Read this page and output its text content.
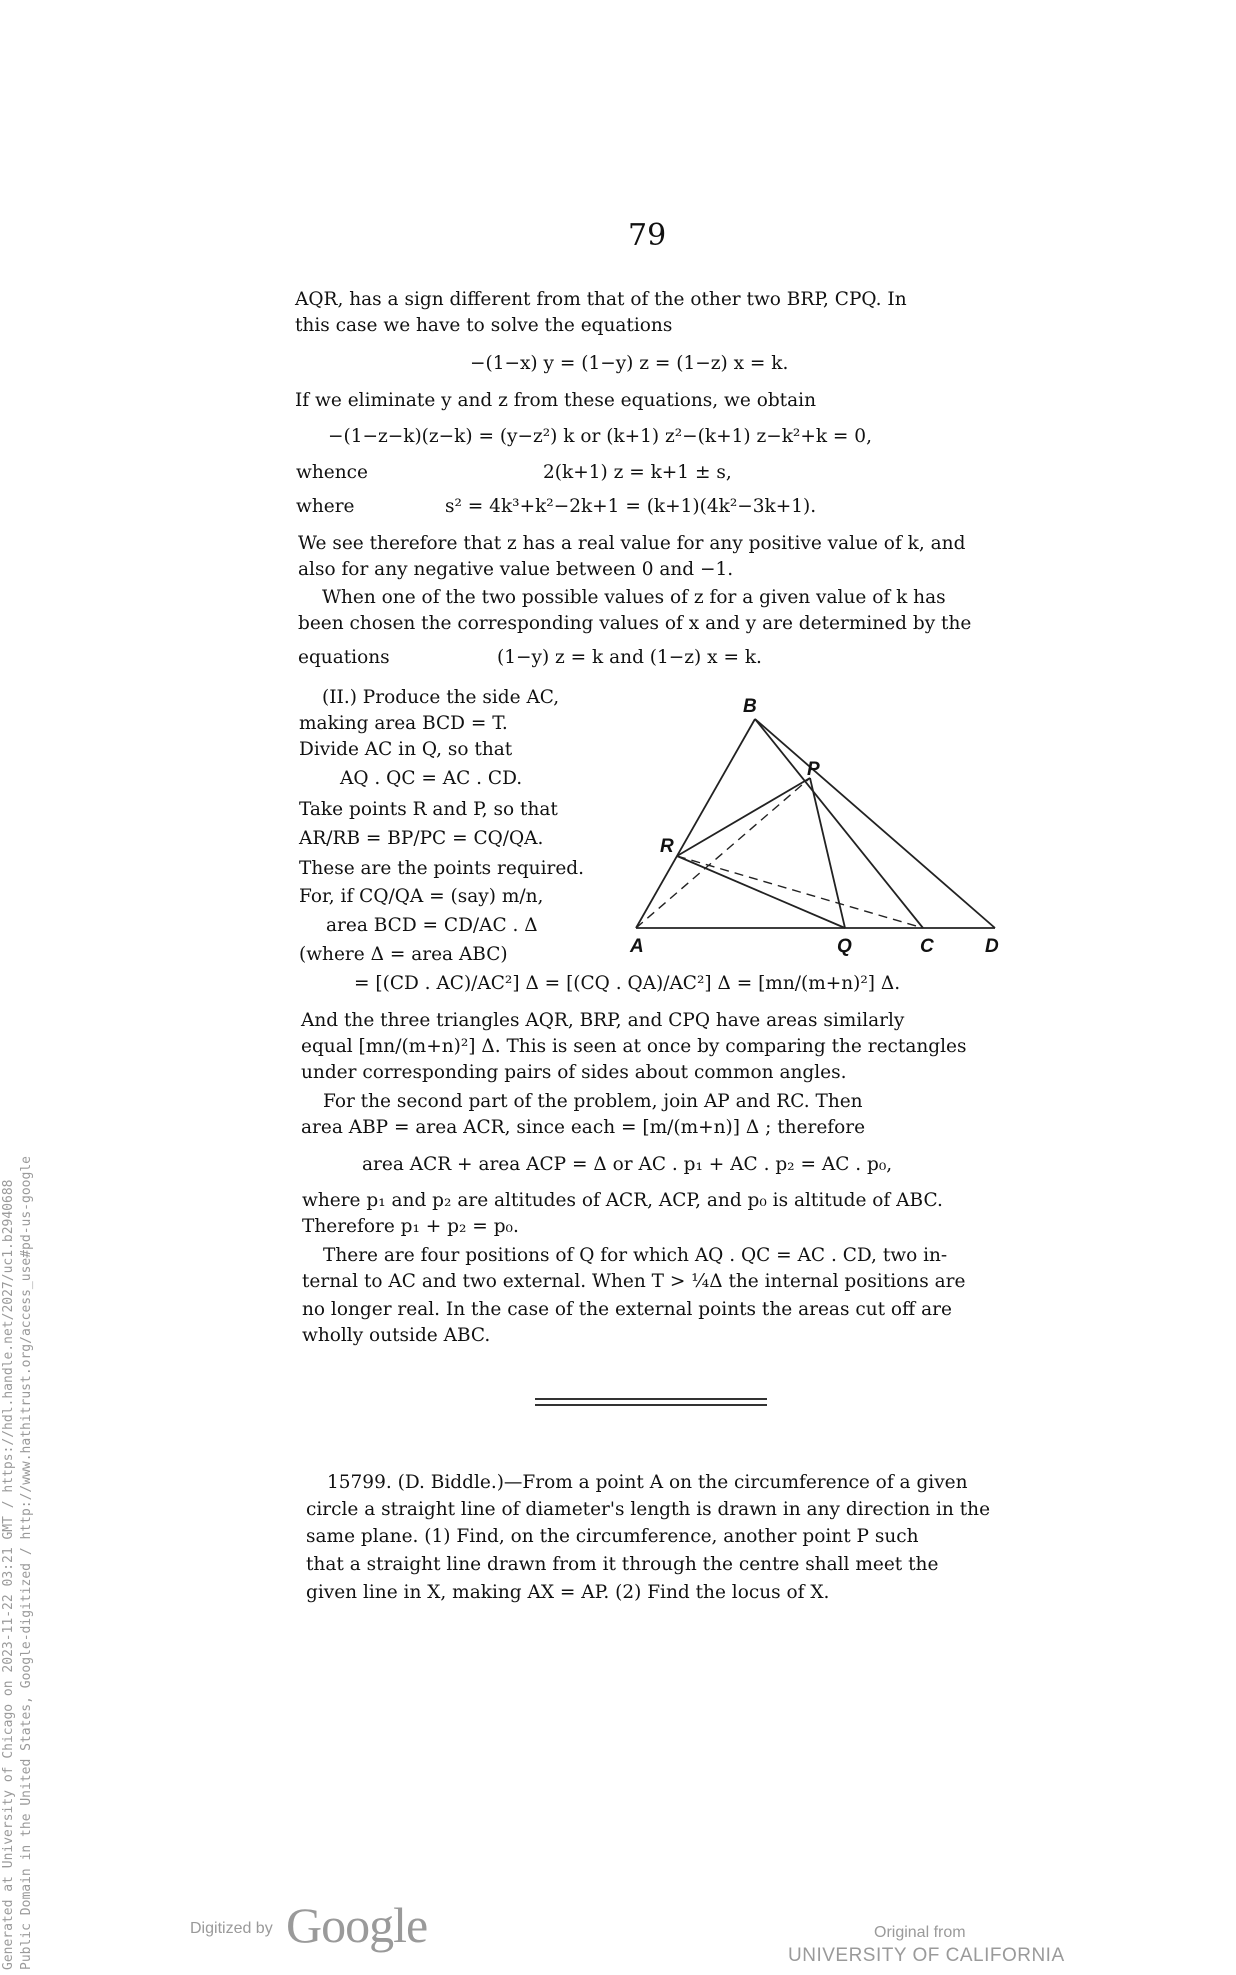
79
AQR, has a sign different from that of the other two BRP, CPQ. In
this case we have to solve the equations
−(1−x) y = (1−y) z = (1−z) x = k.
If we eliminate y and z from these equations, we obtain
−(1−z−k)(z−k) = (y−z²) k or (k+1) z²−(k+1) z−k²+k = 0,
whence	2(k+1) z = k+1 ± s,
where	s² = 4k³+k²−2k+1 = (k+1)(4k²−3k+1).
We see therefore that z has a real value for any positive value of k, and
also for any negative value between 0 and −1.
When one of the two possible values of z for a given value of k has
been chosen the corresponding values of x and y are determined by the
equations	(1−y) z = k and (1−z) x = k.
(II.) Produce the side AC,
making area BCD = T.
Divide AC in Q, so that
AQ . QC = AC . CD.
Take points R and P, so that
AR/RB = BP/PC = CQ/QA.
These are the points required.
For, if CQ/QA = (say) m/n,
area BCD = CD/AC . Δ
(where Δ = area ABC)
= [(CD . AC)/AC²] Δ = [(CQ . QA)/AC²] Δ = [mn/(m+n)²] Δ.
B
P
R
A	Q	C	D
And the three triangles AQR, BRP, and CPQ have areas similarly
equal [mn/(m+n)²] Δ. This is seen at once by comparing the rectangles
under corresponding pairs of sides about common angles.
For the second part of the problem, join AP and RC. Then
area ABP = area ACR, since each = [m/(m+n)] Δ ; therefore
area ACR + area ACP = Δ or AC . p₁ + AC . p₂ = AC . p₀,
where p₁ and p₂ are altitudes of ACR, ACP, and p₀ is altitude of ABC.
Therefore p₁ + p₂ = p₀.
There are four positions of Q for which AQ . QC = AC . CD, two in-
ternal to AC and two external. When T > ¼Δ the internal positions are
no longer real. In the case of the external points the areas cut off are
wholly outside ABC.
15799. (D. Biddle.)—From a point A on the circumference of a given
circle a straight line of diameter's length is drawn in any direction in the
same plane. (1) Find, on the circumference, another point P such
that a straight line drawn from it through the centre shall meet the
given line in X, making AX = AP. (2) Find the locus of X.
Generated at University of Chicago on 2023-11-22 03:21 GMT / https://hdl.handle.net/2027/uc1.b2940688 Public Domain in the United States, Google-digitized / http://www.hathitrust.org/access_use#pd-us-google	Digitized by Google	Original from
UNIVERSITY OF CALIFORNIA
